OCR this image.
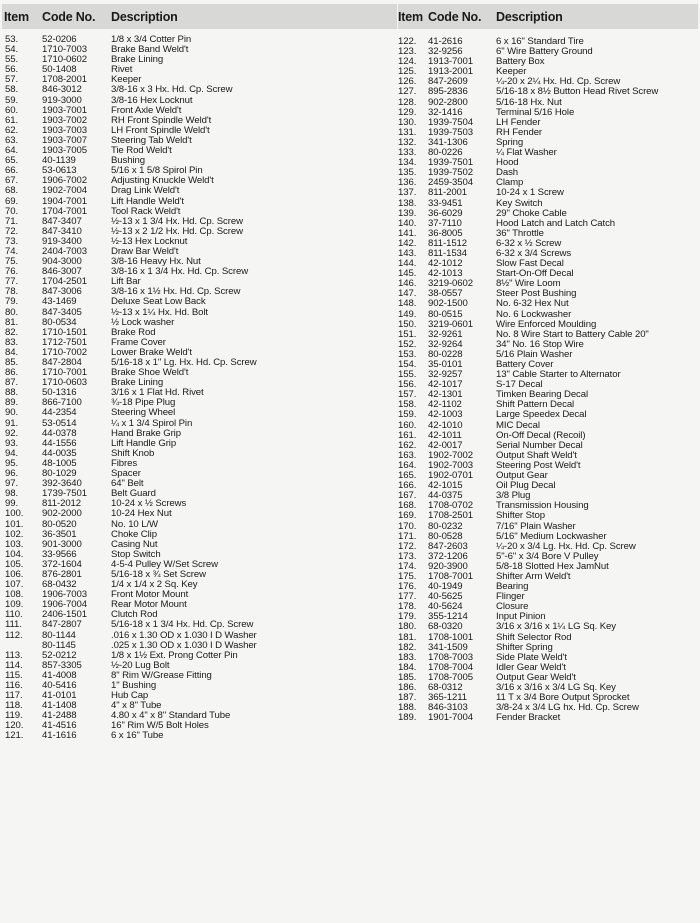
Item	Code No.	Description
53.	52-0206	1/8 x 3/4 Cotter Pin
54.	1710-7003	Brake Band Weld't
55.	1710-0602	Brake Lining
56.	50-1408	Rivet
57.	1708-2001	Keeper
58.	846-3012	3/8-16 x 3 Hx. Hd. Cp. Screw
59.	919-3000	3/8-16 Hex Locknut
60.	1903-7001	Front Axle Weld't
61.	1903-7002	RH Front Spindle Weld't
62.	1903-7003	LH Front Spindle Weld't
63.	1903-7007	Steering Tab Weld't
64.	1903-7005	Tie Rod Weld't
65.	40-1139	Bushing
66.	53-0613	5/16 x 1 5/8 Spirol Pin
67.	1906-7002	Adjusting Knuckle Weld't
68.	1902-7004	Drag Link Weld't
69.	1904-7001	Lift Handle Weld't
70.	1704-7001	Tool Rack Weld't
71.	847-3407	½-13 x 1 3/4 Hx. Hd. Cp. Screw
72.	847-3410	½-13 x 2 1/2 Hx. Hd. Cp. Screw
73.	919-3400	½-13 Hex Locknut
74.	2404-7003	Draw Bar Weld't
75.	904-3000	3/8-16 Heavy Hx. Nut
76.	846-3007	3/8-16 x 1 3/4 Hx. Hd. Cp. Screw
77.	1704-2501	Lift Bar
78.	847-3006	3/8-16 x 1½ Hx. Hd. Cp. Screw
79.	43-1469	Deluxe Seat Low Back
80.	847-3405	½-13 x 1¼ Hx. Hd. Bolt
81.	80-0534	½ Lock washer
82.	1710-1501	Brake Rod
83.	1712-7501	Frame Cover
84.	1710-7002	Lower Brake Weld't
85.	847-2804	5/16-18 x 1" Lg. Hx. Hd. Cp. Screw
86.	1710-7001	Brake Shoe Weld't
87.	1710-0603	Brake Lining
88.	50-1316	3/16 x 1 Flat Hd. Rivet
89.	866-7100	¾-18 Pipe Plug
90.	44-2354	Steering Wheel
91.	53-0514	¼ x 1 3/4 Spirol Pin
92.	44-0378	Hand Brake Grip
93.	44-1556	Lift Handle Grip
94.	44-0035	Shift Knob
95.	48-1005	Fibres
96.	80-1029	Spacer
97.	392-3640	64" Belt
98.	1739-7501	Belt Guard
99.	811-2012	10-24 x ½ Screws
100.	902-2000	10-24 Hex Nut
101.	80-0520	No. 10 L/W
102.	36-3501	Choke Clip
103.	901-3000	Casing Nut
104.	33-9566	Stop Switch
105.	372-1604	4-5-4 Pulley W/Set Screw
106.	876-2801	5/16-18 x ¾ Set Screw
107.	68-0432	1/4 x 1/4 x 2 Sq. Key
108.	1906-7003	Front Motor Mount
109.	1906-7004	Rear Motor Mount
110.	2406-1501	Clutch Rod
111.	847-2807	5/16-18 x 1 3/4 Hx. Hd. Cp. Screw
112.	80-1144	.016 x 1.30 OD x 1.030 I D Washer
80-1145	.025 x 1.30 OD x 1.030 I D Washer
113.	52-0212	1/8 x 1½ Ext. Prong Cotter Pin
114.	857-3305	½-20 Lug Bolt
115.	41-4008	8" Rim W/Grease Fitting
116.	40-5416	1" Bushing
117.	41-0101	Hub Cap
118.	41-1408	4" x 8" Tube
119.	41-2488	4.80 x 4" x 8" Standard Tube
120.	41-4516	16" Rim W/5 Bolt Holes
121.	41-1616	6 x 16" Tube
Item Code No.	Description
122.	41-2616	6 x 16" Standard Tire
123.	32-9256	6" Wire Battery Ground
124.	1913-7001	Battery Box
125.	1913-2001	Keeper
126.	847-2609	¼-20 x 2¼ Hx. Hd. Cp. Screw
127.	895-2836	5/16-18 x 8½ Button Head Rivet Screw
128.	902-2800	5/16-18 Hx. Nut
129.	32-1416	Terminal 5/16 Hole
130.	1939-7504	LH Fender
131.	1939-7503	RH Fender
132.	341-1306	Spring
133.	80-0226	¼ Flat Washer
134.	1939-7501	Hood
135.	1939-7502	Dash
136.	2459-3504	Clamp
137.	811-2001	10-24 x 1 Screw
138.	33-9451	Key Switch
139.	36-6029	29" Choke Cable
140.	37-7110	Hood Latch and Latch Catch
141.	36-8005	36" Throttle
142.	811-1512	6-32 x ½ Screw
143.	811-1534	6-32 x 3/4 Screws
144.	42-1012	Slow Fast Decal
145.	42-1013	Start-On-Off Decal
146.	3219-0602	8½" Wire Loom
147.	38-0557	Steer Post Bushing
148.	902-1500	No. 6-32 Hex Nut
149.	80-0515	No. 6 Lockwasher
150.	3219-0601	Wire Enforced Moulding
151.	32-9261	No. 8 Wire Start to Battery Cable 20"
152.	32-9264	34" No. 16 Stop Wire
153.	80-0228	5/16 Plain Washer
154.	35-0101	Battery Cover
155.	32-9257	13" Cable Starter to Alternator
156.	42-1017	S-17 Decal
157.	42-1301	Timken Bearing Decal
158.	42-1102	Shift Pattern Decal
159.	42-1003	Large Speedex Decal
160.	42-1010	MIC Decal
161.	42-1011	On-Off Decal (Recoil)
162.	42-0017	Serial Number Decal
163.	1902-7002	Output Shaft Weld't
164.	1902-7003	Steering Post Weld't
165.	1902-0701	Output Gear
166.	42-1015	Oil Plug Decal
167.	44-0375	3/8 Plug
168.	1708-0702	Transmission Housing
169.	1708-2501	Shifter Stop
170.	80-0232	7/16" Plain Washer
171.	80-0528	5/16" Medium Lockwasher
172.	847-2603	¼-20 x 3/4 Lg. Hx. Hd. Cp. Screw
173.	372-1206	5"-6" x 3/4 Bore V Pulley
174.	920-3900	5/8-18 Slotted Hex JamNut
175.	1708-7001	Shifter Arm Weld't
176.	40-1949	Bearing
177.	40-5625	Flinger
178.	40-5624	Closure
179.	355-1214	Input Pinion
180.	68-0320	3/16 x 3/16 x 1¼ LG Sq. Key
181.	1708-1001	Shift Selector Rod
182.	341-1509	Shifter Spring
183.	1708-7003	Side Plate Weld't
184.	1708-7004	Idler Gear Weld't
185.	1708-7005	Output Gear Weld't
186.	68-0312	3/16 x 3/16 x 3/4 LG Sq. Key
187.	365-1211	11 T x 3/4 Bore Output Sprocket
188.	846-3103	3/8-24 x 3/4 LG hx. Hd. Cp. Screw
189.	1901-7004	Fender Bracket
